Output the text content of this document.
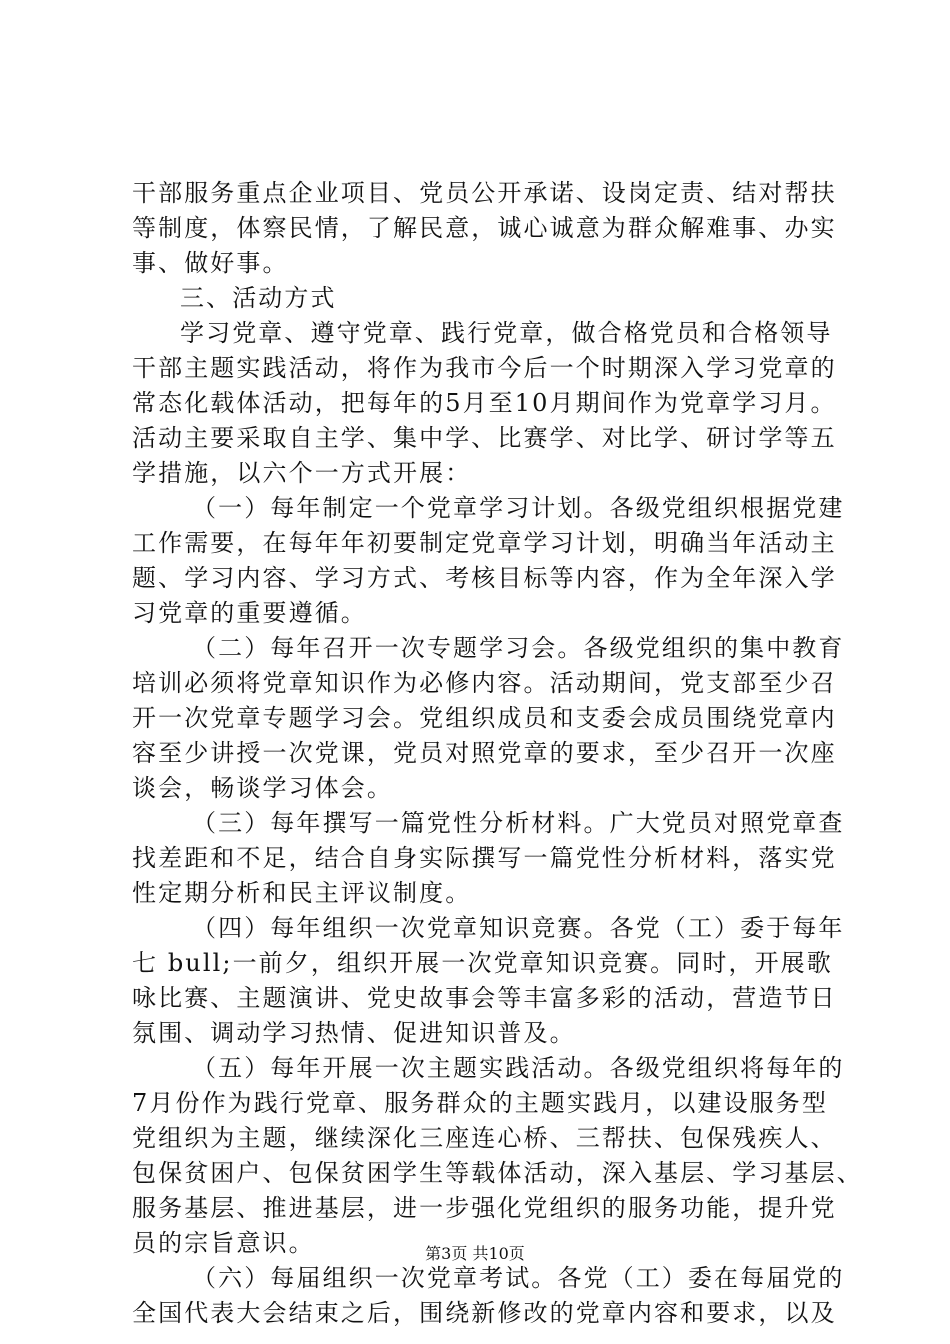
干部服务重点企业项目、党员公开承诺、设岗定责、结对帮扶
等制度，体察民情，了解民意，诚心诚意为群众解难事、办实
事、做好事。
三、活动方式
学习党章、遵守党章、践行党章，做合格党员和合格领导
干部主题实践活动，将作为我市今后一个时期深入学习党章的
常态化载体活动，把每年的5月至10月期间作为党章学习月。
活动主要采取自主学、集中学、比赛学、对比学、研讨学等五
学措施，以六个一方式开展：
（一）每年制定一个党章学习计划。各级党组织根据党建
工作需要，在每年年初要制定党章学习计划，明确当年活动主
题、学习内容、学习方式、考核目标等内容，作为全年深入学
习党章的重要遵循。
（二）每年召开一次专题学习会。各级党组织的集中教育
培训必须将党章知识作为必修内容。活动期间，党支部至少召
开一次党章专题学习会。党组织成员和支委会成员围绕党章内
容至少讲授一次党课，党员对照党章的要求，至少召开一次座
谈会，畅谈学习体会。
（三）每年撰写一篇党性分析材料。广大党员对照党章查
找差距和不足，结合自身实际撰写一篇党性分析材料，落实党
性定期分析和民主评议制度。
（四）每年组织一次党章知识竞赛。各党（工）委于每年
七 bull;一前夕，组织开展一次党章知识竞赛。同时，开展歌
咏比赛、主题演讲、党史故事会等丰富多彩的活动，营造节日
氛围、调动学习热情、促进知识普及。
（五）每年开展一次主题实践活动。各级党组织将每年的
7月份作为践行党章、服务群众的主题实践月，以建设服务型
党组织为主题，继续深化三座连心桥、三帮扶、包保残疾人、
包保贫困户、包保贫困学生等载体活动，深入基层、学习基层、
服务基层、推进基层，进一步强化党组织的服务功能，提升党
员的宗旨意识。
（六）每届组织一次党章考试。各党（工）委在每届党的
全国代表大会结束之后，围绕新修改的党章内容和要求，以及
第3页 共10页
